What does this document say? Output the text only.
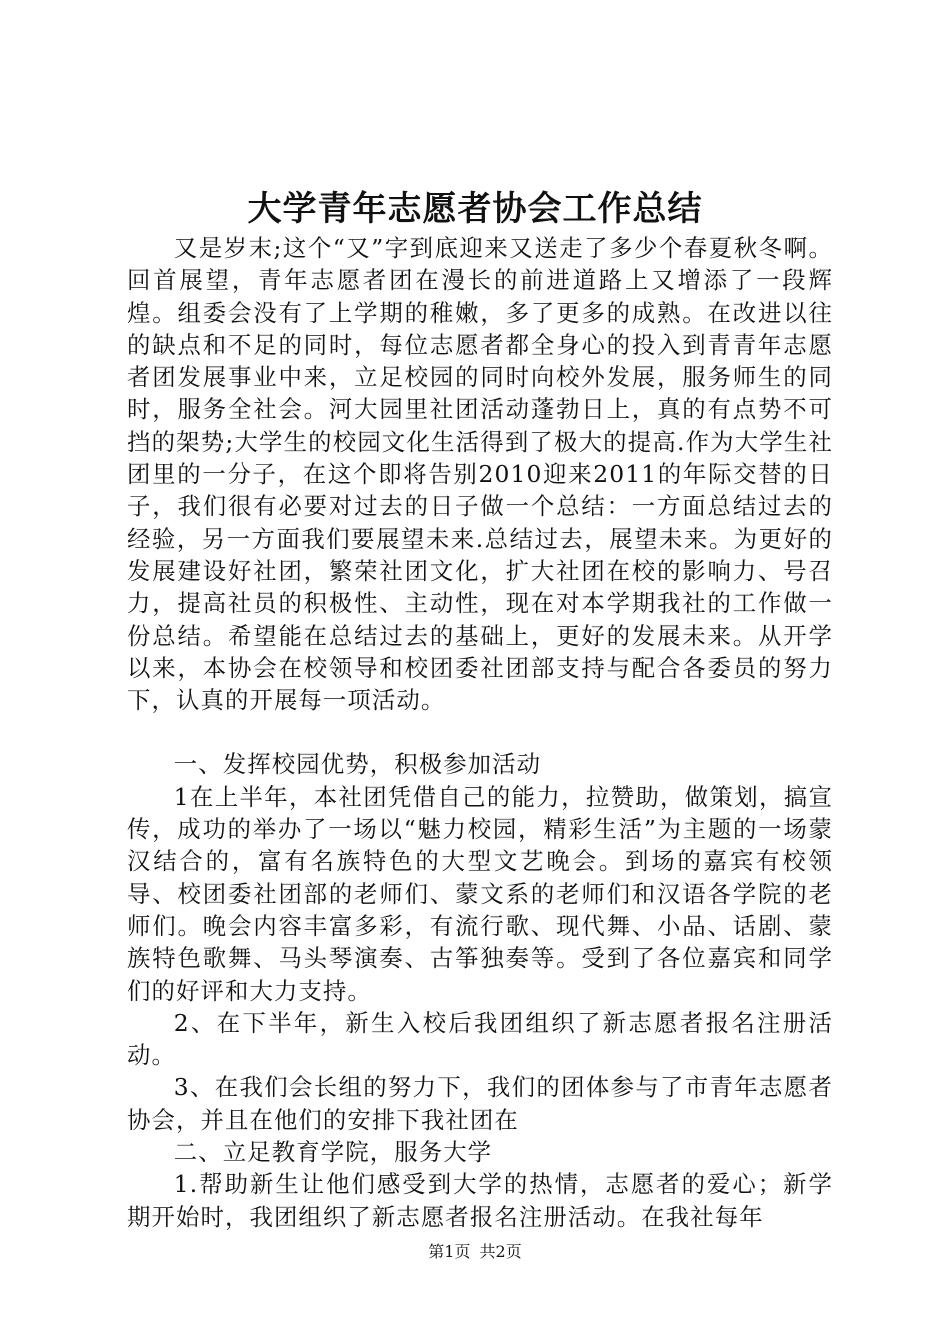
大学青年志愿者协会工作总结

又是岁末;这个“又”字到底迎来又送走了多少个春夏秋冬啊。回首展望，青年志愿者团在漫长的前进道路上又增添了一段辉煌。组委会没有了上学期的稚嫩，多了更多的成熟。在改进以往的缺点和不足的同时，每位志愿者都全身心的投入到青青年志愿者团发展事业中来，立足校园的同时向校外发展，服务师生的同时，服务全社会。河大园里社团活动蓬勃日上，真的有点势不可挡的架势;大学生的校园文化生活得到了极大的提高.作为大学生社团里的一分子，在这个即将告别2010迎来2011的年际交替的日子，我们很有必要对过去的日子做一个总结：一方面总结过去的经验，另一方面我们要展望未来.总结过去，展望未来。为更好的发展建设好社团，繁荣社团文化，扩大社团在校的影响力、号召力，提高社员的积极性、主动性，现在对本学期我社的工作做一份总结。希望能在总结过去的基础上，更好的发展未来。从开学以来，本协会在校领导和校团委社团部支持与配合各委员的努力下，认真的开展每一项活动。

一、发挥校园优势，积极参加活动

1在上半年，本社团凭借自己的能力，拉赞助，做策划，搞宣传，成功的举办了一场以“魅力校园，精彩生活”为主题的一场蒙汉结合的，富有名族特色的大型文艺晚会。到场的嘉宾有校领导、校团委社团部的老师们、蒙文系的老师们和汉语各学院的老师们。晚会内容丰富多彩，有流行歌、现代舞、小品、话剧、蒙族特色歌舞、马头琴演奏、古筝独奏等。受到了各位嘉宾和同学们的好评和大力支持。

2、在下半年，新生入校后我团组织了新志愿者报名注册活动。

3、在我们会长组的努力下，我们的团体参与了市青年志愿者协会，并且在他们的安排下我社团在

二、立足教育学院，服务大学

1.帮助新生让他们感受到大学的热情，志愿者的爱心；新学期开始时，我团组织了新志愿者报名注册活动。在我社每年

第1页 共2页
